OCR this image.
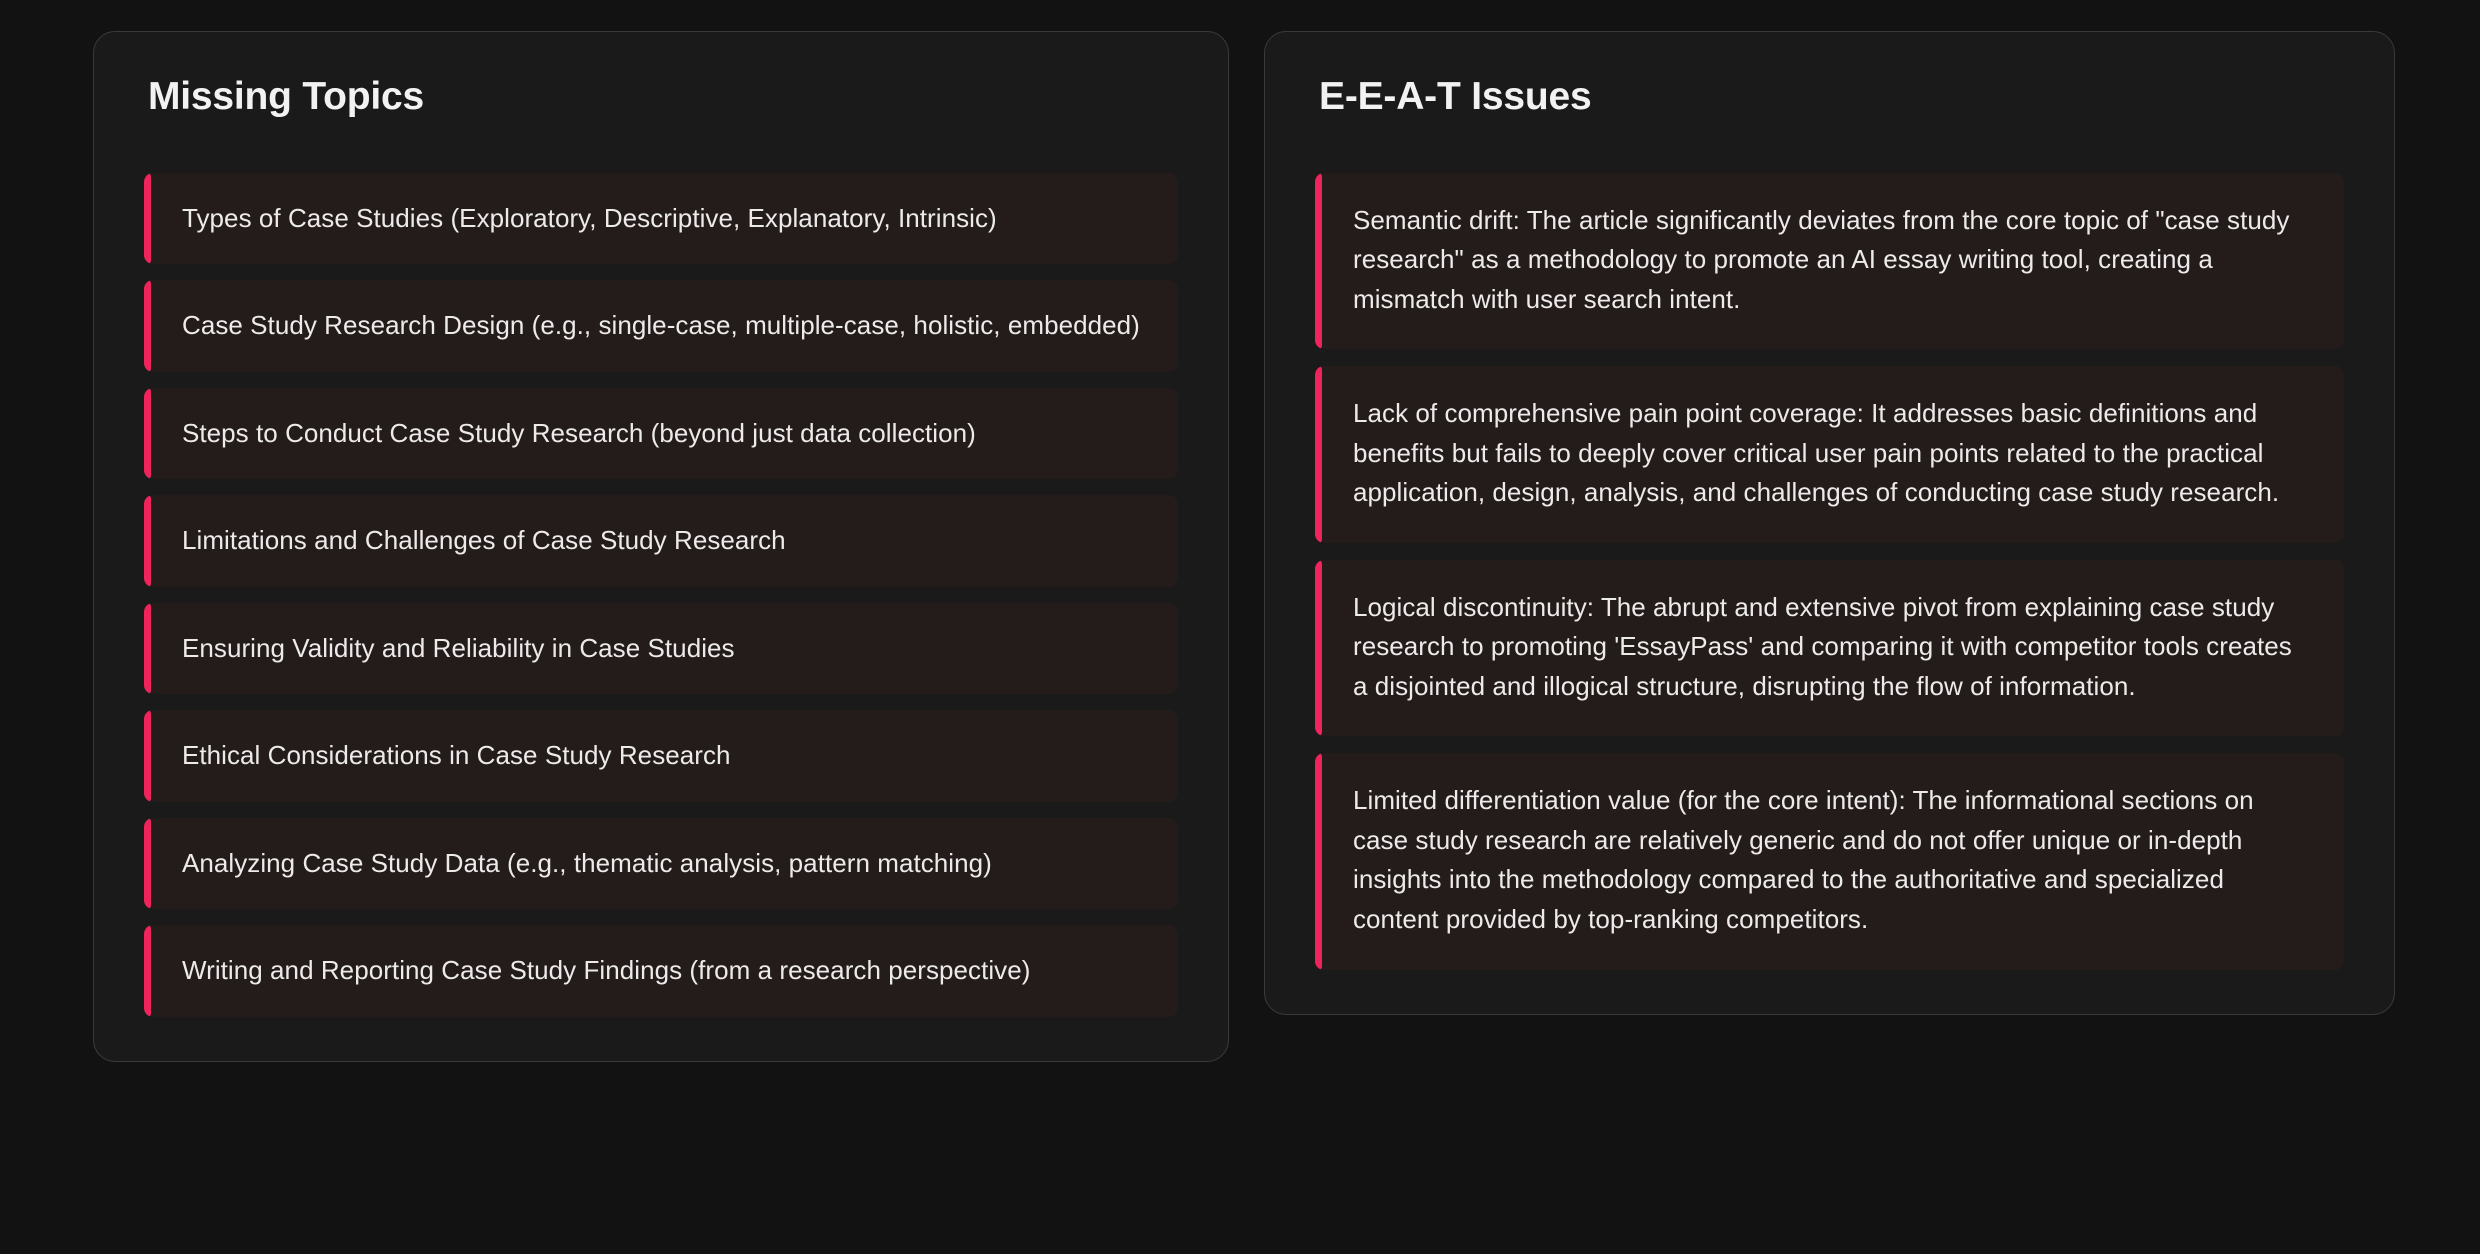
Missing Topics
Types of Case Studies (Exploratory, Descriptive, Explanatory, Intrinsic)
Case Study Research Design (e.g., single-case, multiple-case, holistic, embedded)
Steps to Conduct Case Study Research (beyond just data collection)
Limitations and Challenges of Case Study Research
Ensuring Validity and Reliability in Case Studies
Ethical Considerations in Case Study Research
Analyzing Case Study Data (e.g., thematic analysis, pattern matching)
Writing and Reporting Case Study Findings (from a research perspective)
E-E-A-T Issues
Semantic drift: The article significantly deviates from the core topic of "case study research" as a methodology to promote an AI essay writing tool, creating a mismatch with user search intent.
Lack of comprehensive pain point coverage: It addresses basic definitions and benefits but fails to deeply cover critical user pain points related to the practical application, design, analysis, and challenges of conducting case study research.
Logical discontinuity: The abrupt and extensive pivot from explaining case study research to promoting 'EssayPass' and comparing it with competitor tools creates a disjointed and illogical structure, disrupting the flow of information.
Limited differentiation value (for the core intent): The informational sections on case study research are relatively generic and do not offer unique or in-depth insights into the methodology compared to the authoritative and specialized content provided by top-ranking competitors.
